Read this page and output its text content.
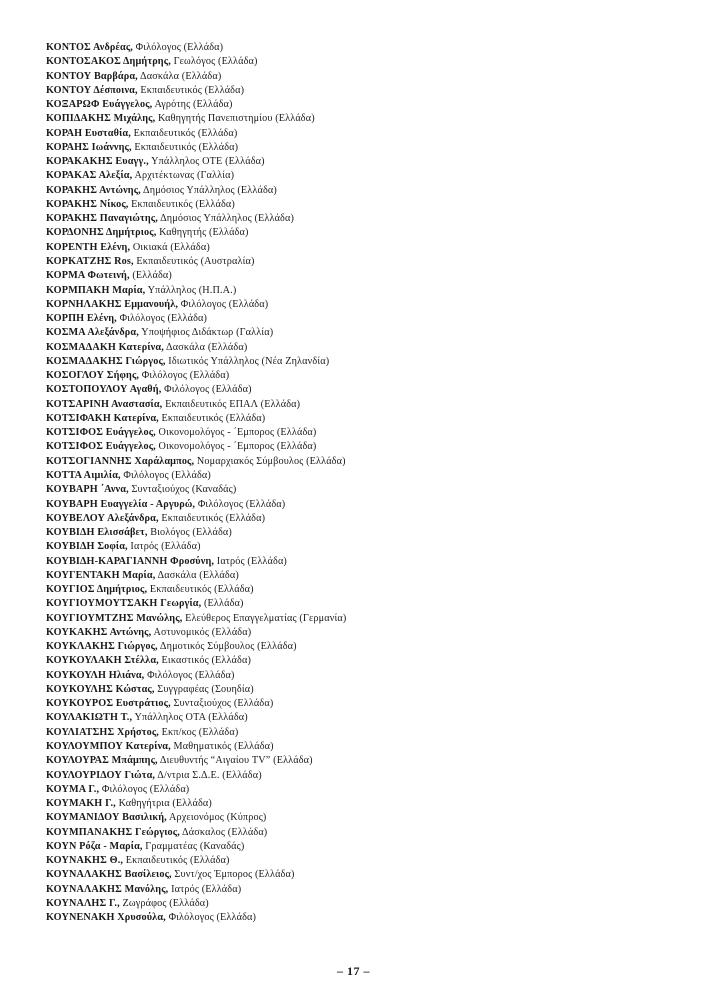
ΚΟΝΤΟΣ Ανδρέας, Φιλόλογος (Ελλάδα)
ΚΟΝΤΟΣΑΚΟΣ Δημήτρης, Γεωλόγος (Ελλάδα)
ΚΟΝΤΟΥ Βαρβάρα, Δασκάλα (Ελλάδα)
ΚΟΝΤΟΥ Δέσποινα, Εκπαιδευτικός (Ελλάδα)
ΚΟΞΑΡΩΦ Ευάγγελος, Αγρότης (Ελλάδα)
ΚΟΠΙΔΑΚΗΣ Μιχάλης, Καθηγητής Πανεπιστημίου (Ελλάδα)
ΚΟΡΑΗ Ευσταθία, Εκπαιδευτικός (Ελλάδα)
ΚΟΡΑΗΣ Ιωάννης, Εκπαιδευτικός (Ελλάδα)
ΚΟΡΑΚΑΚΗΣ Ευαγγ., Υπάλληλος ΟΤΕ (Ελλάδα)
ΚΟΡΑΚΑΣ Αλεξία, Αρχιτέκτωνας (Γαλλία)
ΚΟΡΑΚΗΣ Αντώνης, Δημόσιος Υπάλληλος (Ελλάδα)
ΚΟΡΑΚΗΣ Νίκος, Εκπαιδευτικός (Ελλάδα)
ΚΟΡΑΚΗΣ Παναγιώτης, Δημόσιος Υπάλληλος (Ελλάδα)
ΚΟΡΔΟΝΗΣ Δημήτριος, Καθηγητής (Ελλάδα)
ΚΟΡΕΝΤΗ Ελένη, Οικιακά (Ελλάδα)
ΚΟΡΚΑΤΖΗΣ Ros, Εκπαιδευτικός (Αυστραλία)
ΚΟΡΜΑ Φωτεινή, (Ελλάδα)
ΚΟΡΜΠΑΚΗ Μαρία, Υπάλληλος (Η.Π.Α.)
ΚΟΡΝΗΛΑΚΗΣ Εμμανουήλ, Φιλόλογος (Ελλάδα)
ΚΟΡΠΗ Ελένη, Φιλόλογος (Ελλάδα)
ΚΟΣΜΑ Αλεξάνδρα, Υποψήφιος Διδάκτωρ (Γαλλία)
ΚΟΣΜΑΔΑΚΗ Κατερίνα, Δασκάλα (Ελλάδα)
ΚΟΣΜΑΔΑΚΗΣ Γιώργος, Ιδιωτικός Υπάλληλος (Νέα Ζηλανδία)
ΚΟΣΟΓΛΟΥ Σήφης, Φιλόλογος (Ελλάδα)
ΚΟΣΤΟΠΟΥΛΟΥ Αγαθή, Φιλόλογος (Ελλάδα)
ΚΟΤΣΑΡΙΝΗ Αναστασία, Εκπαιδευτικός ΕΠΑΛ (Ελλάδα)
ΚΟΤΣΙΦΑΚΗ Κατερίνα, Εκπαιδευτικός (Ελλάδα)
ΚΟΤΣΙΦΟΣ Ευάγγελος, Οικονομολόγος - ΄Εμπορος (Ελλάδα)
ΚΟΤΣΙΦΟΣ Ευάγγελος, Οικονομολόγος - ΄Εμπορος (Ελλάδα)
ΚΟΤΣΟΓΙΑΝΝΗΣ Χαράλαμπος, Νομαρχιακός Σύμβουλος (Ελλάδα)
ΚΟΤΤΑ Αιμιλία, Φιλόλογος (Ελλάδα)
ΚΟΥΒΑΡΗ ΄Αννα, Συνταξιούχος (Καναδάς)
ΚΟΥΒΑΡΗ Ευαγγελία - Αργυρώ, Φιλόλογος (Ελλάδα)
ΚΟΥΒΕΛΟΥ Αλεξάνδρα, Εκπαιδευτικός (Ελλάδα)
ΚΟΥΒΙΔΗ Ελισσάβετ, Βιολόγος (Ελλάδα)
ΚΟΥΒΙΔΗ Σοφία, Ιατρός (Ελλάδα)
ΚΟΥΒΙΔΗ-ΚΑΡΑΓΙΑΝΝΗ Φροσύνη, Ιατρός (Ελλάδα)
ΚΟΥΓΕΝΤΑΚΗ Μαρία, Δασκάλα (Ελλάδα)
ΚΟΥΓΙΟΣ Δημήτριος, Εκπαιδευτικός (Ελλάδα)
ΚΟΥΓΙΟΥΜΟΥΤΣΑΚΗ Γεωργία, (Ελλάδα)
ΚΟΥΓΙΟΥΜΤΖΗΣ Μανώλης, Ελεύθερος Επαγγελματίας (Γερμανία)
ΚΟΥΚΑΚΗΣ Αντώνης, Αστυνομικός (Ελλάδα)
ΚΟΥΚΛΑΚΗΣ Γιώργος, Δημοτικός Σύμβουλος (Ελλάδα)
ΚΟΥΚΟΥΛΑΚΗ Στέλλα, Εικαστικός (Ελλάδα)
ΚΟΥΚΟΥΛΗ Ηλιάνα, Φιλόλογος (Ελλάδα)
ΚΟΥΚΟΥΛΗΣ Κώστας, Συγγραφέας (Σουηδία)
ΚΟΥΚΟΥΡΟΣ Ευστράτιος, Συνταξιούχος (Ελλάδα)
ΚΟΥΛΑΚΙΩΤΗ Τ., Υπάλληλος ΟΤΑ (Ελλάδα)
ΚΟΥΛΙΑΤΣΗΣ Χρήστος, Εκπ/κος (Ελλάδα)
ΚΟΥΛΟΥΜΠΟΥ Κατερίνα, Μαθηματικός (Ελλάδα)
ΚΟΥΛΟΥΡΑΣ Μπάμπης, Διευθυντής “Αιγαίου TV” (Ελλάδα)
ΚΟΥΛΟΥΡΙΔΟΥ Γιώτα, Δ/ντρια Σ.Δ.Ε. (Ελλάδα)
ΚΟΥΜΑ Γ., Φιλόλογος (Ελλάδα)
ΚΟΥΜΑΚΗ Γ., Καθηγήτρια (Ελλάδα)
ΚΟΥΜΑΝΙΔΟΥ Βασιλική, Αρχειονόμος (Κύπρος)
ΚΟΥΜΠΑΝΑΚΗΣ Γεώργιος, Δάσκαλος (Ελλάδα)
ΚΟΥΝ Ρόζα - Μαρία, Γραμματέας (Καναδάς)
ΚΟΥΝΑΚΗΣ Θ., Εκπαιδευτικός (Ελλάδα)
ΚΟΥΝΑΛΑΚΗΣ Βασίλειος, Συντ/χος Έμπορος (Ελλάδα)
ΚΟΥΝΑΛΑΚΗΣ Μανόλης, Ιατρός (Ελλάδα)
ΚΟΥΝΑΛΗΣ Γ., Ζωγράφος (Ελλάδα)
ΚΟΥΝΕΝΑΚΗ Χρυσούλα, Φιλόλογος (Ελλάδα)
– 17 –
